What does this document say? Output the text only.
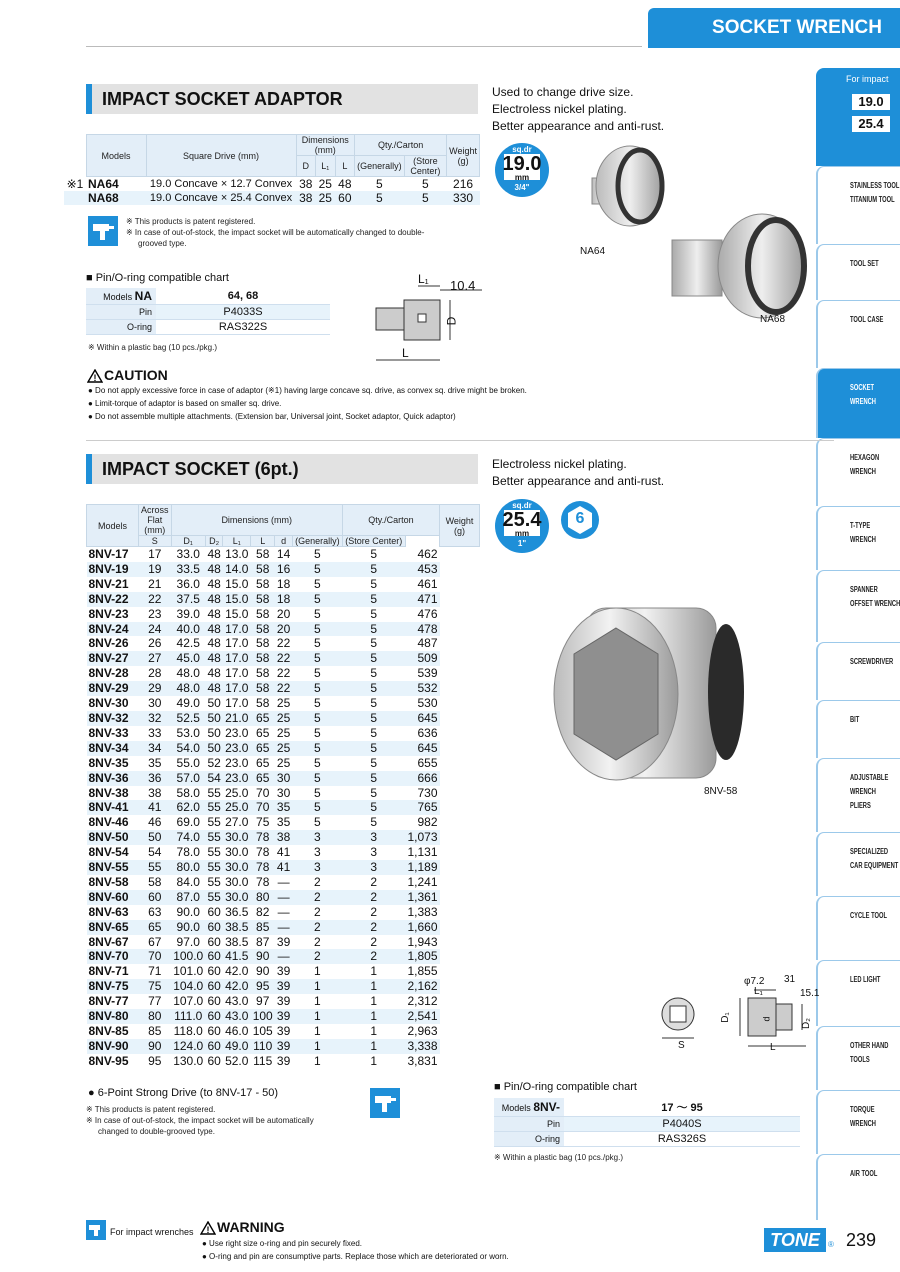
SOCKET WRENCH
For impact
19.0
25.4
STAINLESS TOOL
TITANIUM TOOL
TOOL SET
TOOL CASE
SOCKET
WRENCH
HEXAGON
WRENCH
T-TYPE
WRENCH
SPANNER
OFFSET WRENCH
SCREWDRIVER
BIT
ADJUSTABLE
WRENCH
PLIERS
SPECIALIZED
CAR EQUIPMENT
CYCLE TOOL
LED LIGHT
OTHER HAND
TOOLS
TORQUE
WRENCH
AIR TOOL
IMPACT SOCKET ADAPTOR	Used to change drive size.
Electroless nickel plating.
Better appearance and anti-rust.
	Models	Square Drive (mm)	Dimensions (mm)			Qty./Carton		Weight (g)
			D	L₁	L	(Generally)	(Store Center)	
※1	NA64	19.0 Concave × 12.7 Convex	38	25	48	5	5	216
	NA68	19.0 Concave × 25.4 Convex	38	25	60	5	5	330
※ This products is patent registered.
※ In case of out-of-stock, the impact socket will be automatically changed to double-
grooved type.
sq.dr
19.0
mm
3/4"
NA64
NA68
■ Pin/O-ring compatible chart
Models NA	64, 68
Pin	P4033S
O-ring	RAS322S
※ Within a plastic bag (10 pcs./pkg.)
L₁ 10.4
D
L
! CAUTION
● Do not apply excessive force in case of adaptor (※1) having large concave sq. drive, as convex sq. drive might be broken.
● Limit-torque of adaptor is based on smaller sq. drive.
● Do not assemble multiple attachments. (Extension bar, Universal joint, Socket adaptor, Quick adaptor)
IMPACT SOCKET (6pt.)	Electroless nickel plating.
Better appearance and anti-rust.
sq.dr
25.4
mm
1"
6
8NV-58
Models	Across Flat (mm)	Dimensions (mm)						Qty./Carton		Weight (g)
	S	D₁	D₂	L₁	L	d	(Generally)	(Store Center)		
8NV-17	17	33.0	48	13.0	58	14	5	5	462	
8NV-19	19	33.5	48	14.0	58	16	5	5	453	
8NV-21	21	36.0	48	15.0	58	18	5	5	461	
8NV-22	22	37.5	48	15.0	58	18	5	5	471	
8NV-23	23	39.0	48	15.0	58	20	5	5	476	
8NV-24	24	40.0	48	17.0	58	20	5	5	478	
8NV-26	26	42.5	48	17.0	58	22	5	5	487	
8NV-27	27	45.0	48	17.0	58	22	5	5	509	
8NV-28	28	48.0	48	17.0	58	22	5	5	539	
8NV-29	29	48.0	48	17.0	58	22	5	5	532	
8NV-30	30	49.0	50	17.0	58	25	5	5	530	
8NV-32	32	52.5	50	21.0	65	25	5	5	645	
8NV-33	33	53.0	50	23.0	65	25	5	5	636	
8NV-34	34	54.0	50	23.0	65	25	5	5	645	
8NV-35	35	55.0	52	23.0	65	25	5	5	655	
8NV-36	36	57.0	54	23.0	65	30	5	5	666	
8NV-38	38	58.0	55	25.0	70	30	5	5	730	
8NV-41	41	62.0	55	25.0	70	35	5	5	765	
8NV-46	46	69.0	55	27.0	75	35	5	5	982	
8NV-50	50	74.0	55	30.0	78	38	3	3	1,073	
8NV-54	54	78.0	55	30.0	78	41	3	3	1,131	
8NV-55	55	80.0	55	30.0	78	41	3	3	1,189	
8NV-58	58	84.0	55	30.0	78	—	2	2	1,241	
8NV-60	60	87.0	55	30.0	80	—	2	2	1,361	
8NV-63	63	90.0	60	36.5	82	—	2	2	1,383	
8NV-65	65	90.0	60	38.5	85	—	2	2	1,660	
8NV-67	67	97.0	60	38.5	87	39	2	2	1,943	
8NV-70	70	100.0	60	41.5	90	—	2	2	1,805	
8NV-71	71	101.0	60	42.0	90	39	1	1	1,855	
8NV-75	75	104.0	60	42.0	95	39	1	1	2,162	
8NV-77	77	107.0	60	43.0	97	39	1	1	2,312	
8NV-80	80	111.0	60	43.0	100	39	1	1	2,541	
8NV-85	85	118.0	60	46.0	105	39	1	1	2,963	
8NV-90	90	124.0	60	49.0	110	39	1	1	3,338	
8NV-95	95	130.0	60	52.0	115	39	1	1	3,831	
● 6-Point Strong Drive (to 8NV-17 - 50)
※ This products is patent registered.
※ In case of out-of-stock, the impact socket will be automatically
changed to double-grooved type.
φ7.2 31
L₁	15.1
D₁	d	D₂
S	L
■ Pin/O-ring compatible chart
Models 8NV-	17 ～ 95
Pin	P4040S
O-ring	RAS326S
※ Within a plastic bag (10 pcs./pkg.)
For impact wrenches ! WARNING
● Use right size o-ring and pin securely fixed.
● O-ring and pin are consumptive parts. Replace those which are deteriorated or worn.
TONE	® 239
